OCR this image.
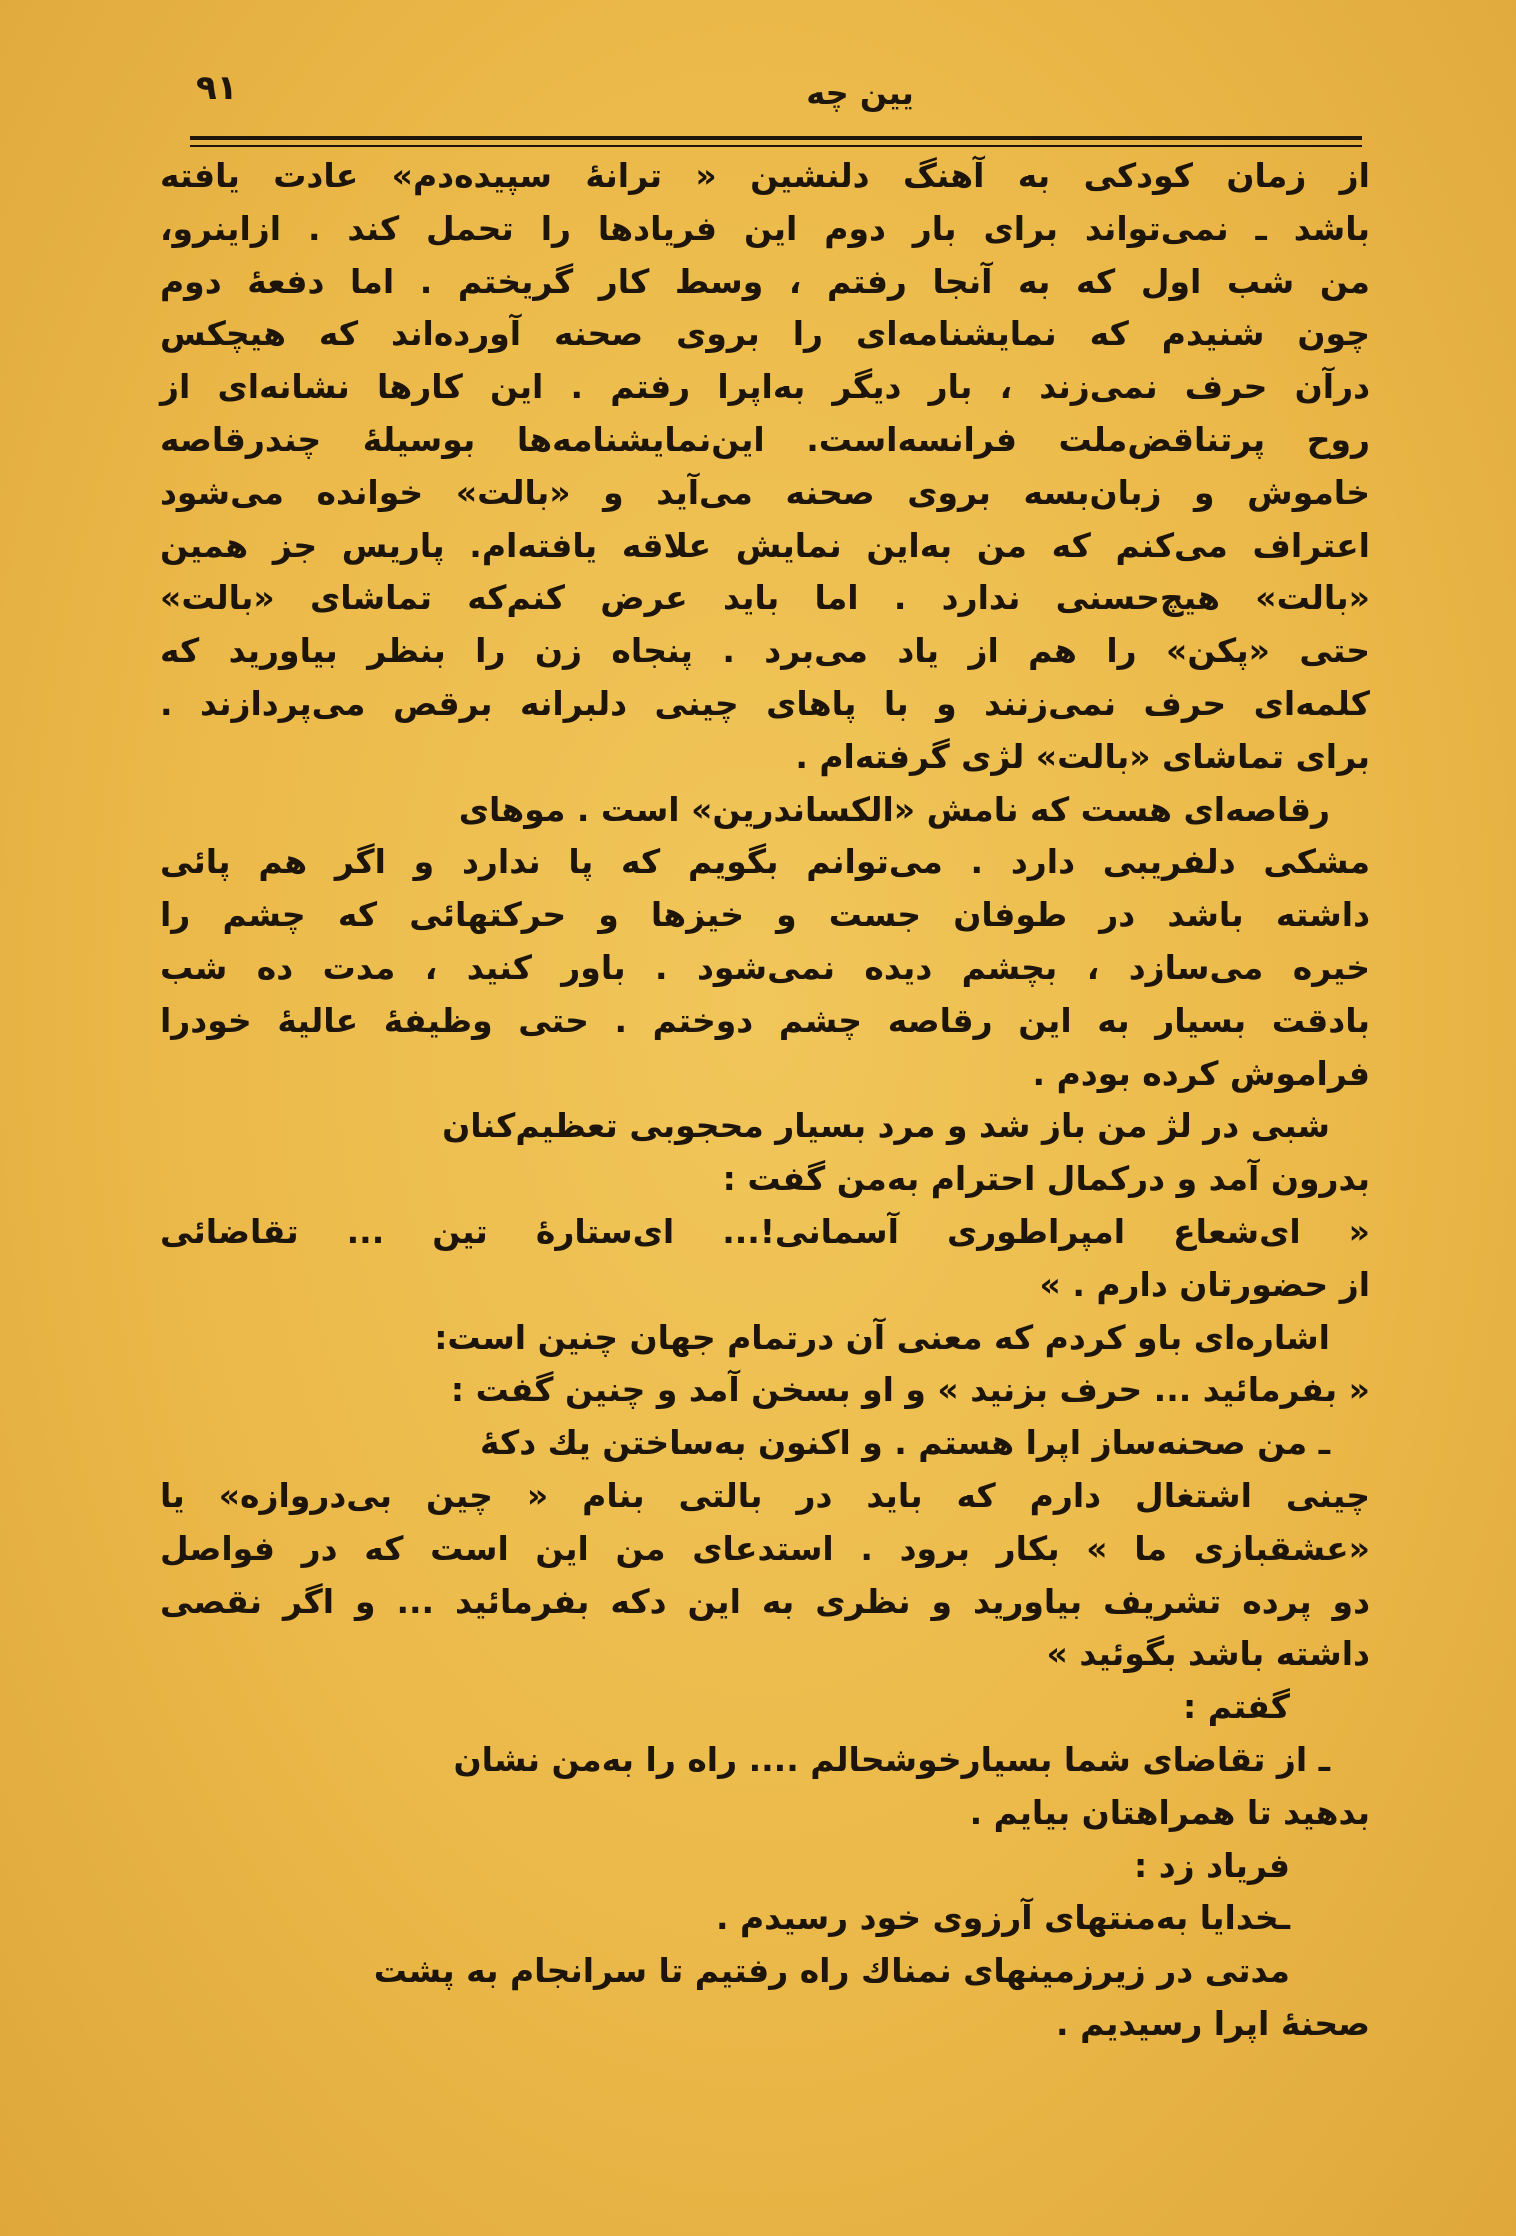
۹۱	یین چه
از زمان کودکی به آهنگ دلنشین « ترانهٔ سپیده‌دم» عادت یافته
باشد ـ نمی‌تواند برای بار دوم این فریادها را تحمل کند . ازاینرو،
من شب اول که به آنجا رفتم ، وسط کار گریختم . اما دفعهٔ دوم
چون شنیدم که نمایشنامه‌ای را بروی صحنه آورده‌اند که هیچکس
درآن حرف نمی‌زند ، بار دیگر به‌اپرا رفتم . این کارها نشانه‌ای از
روح پرتناقض‌ملت فرانسه‌است. این‌نمایشنامه‌ها بوسیلهٔ چندرقاصه
خاموش و زبان‌بسه بروی صحنه می‌آید و «بالت» خوانده می‌شود
اعتراف می‌کنم که من به‌این نمایش علاقه یافته‌ام. پاریس جز همین
«بالت» هیچ‌حسنی ندارد . اما باید عرض کنم‌که تماشای «بالت»
حتی «پکن» را هم از یاد می‌برد . پنجاه زن را بنظر بیاورید که
کلمه‌ای حرف نمی‌زنند و با پاهای چینی دلبرانه برقص می‌پردازند .
برای تماشای «بالت» لژی گرفته‌ام .
رقاصه‌ای هست که نامش «الکساندرین» است . موهای
مشکی دلفریبی دارد . می‌توانم بگویم که پا ندارد و اگر هم پائی
داشته باشد در طوفان جست و خیزها و حرکتهائی که چشم را
خیره می‌سازد ، بچشم دیده نمی‌شود . باور کنید ، مدت ده شب
بادقت بسیار به این رقاصه چشم دوختم . حتی وظیفهٔ عالیهٔ خودرا
فراموش کرده بودم .
شبی در لژ من باز شد و مرد بسیار محجوبی تعظیم‌کنان
بدرون آمد و درکمال احترام به‌من گفت :
« ای‌شعاع امپراطوری آسمانی!... ای‌ستارهٔ تین ... تقاضائی
از حضورتان دارم . »
اشاره‌ای باو کردم که معنی آن درتمام جهان چنین است:
« بفرمائید ... حرف بزنید » و او بسخن آمد و چنین گفت :
ـ من صحنه‌ساز اپرا هستم . و اکنون به‌ساختن یك دکهٔ
چینی اشتغال دارم که باید در بالتی بنام « چین بی‌دروازه» یا
«عشقبازی ما » بکار برود . استدعای من این است که در فواصل
دو پرده تشریف بیاورید و نظری به این دکه بفرمائید ... و اگر نقصی
داشته باشد بگوئید »
گفتم :
ـ از تقاضای شما بسیارخوشحالم .... راه را به‌من نشان
بدهید تا همراهتان بیایم .
فریاد زد :
ـخدایا به‌منتهای آرزوی خود رسیدم .
مدتی در زیرزمینهای نمناك راه رفتیم تا سرانجام به پشت
صحنهٔ اپرا رسیدیم .
